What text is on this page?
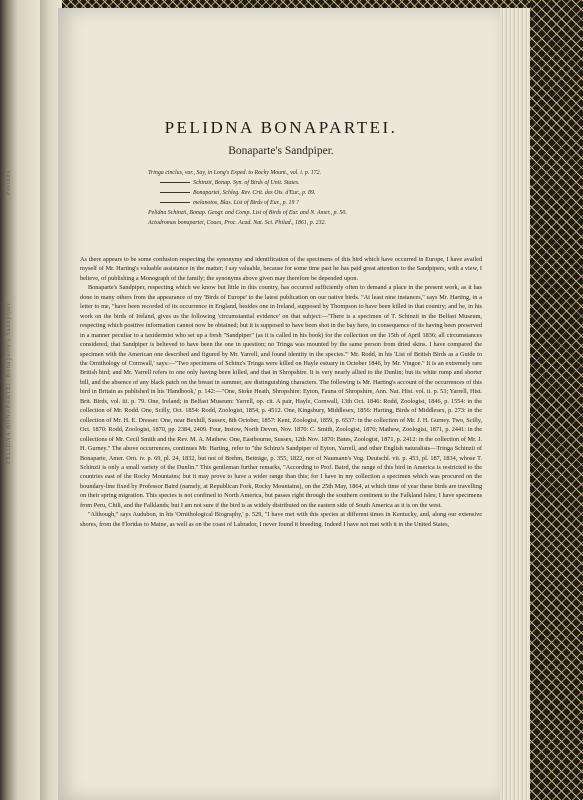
Pelidna
PELIDNA BONAPARTEI. Bonaparte's Sandpiper.
PELIDNA BONAPARTEI.
Bonaparte's Sandpiper.
Tringa cinclus, var., Say, in Long's Exped. to Rocky Mount., vol. i. p. 172.
Schinzii, Bonap. Syn. of Birds of Unit. States.
Bonapartei, Schleg. Rev. Crit. des Ois. d'Eur., p. 89.
melanotos, Blas. List of Birds of Eur., p. 19 ?
Pelidna Schinzii, Bonap. Geogr. and Comp. List of Birds of Eur. and N. Amer., p. 50.
Actodromas bonapartei, Coues, Proc. Acad. Nat. Sci. Philad., 1861, p. 232.

As there appears to be some confusion respecting the synonymy and identification of the specimens of this bird which have occurred in Europe, I have availed myself of Mr. Harting's valuable assistance in the matter; I say valuable, because for some time past he has paid great attention to the Sandpipers, with a view, I believe, of publishing a Monograph of the family; the synonyms above given may therefore be depended upon.

Bonaparte's Sandpiper, respecting which we know but little in this country, has occurred sufficiently often to demand a place in the present work, as it has done in many others from the appearance of my 'Birds of Europe' to the latest publication on our native birds. "At least nine instances," says Mr. Harting, in a letter to me, "have been recorded of its occurrence in England, besides one in Ireland, supposed by Thompson to have been killed in that country; and he, in his work on the birds of Ireland, gives us the following 'circumstantial evidence' on that subject:—'There is a specimen of T. Schinzii in the Belfast Museum, respecting which positive information cannot now be obtained; but it is supposed to have been shot in the bay here, in consequence of its having been preserved in a manner peculiar to a taxidermist who set up a fresh "Sandpiper" (as it is called in his book) for the collection on the 15th of April 1836; all circumstances considered, that Sandpiper is believed to have been the one in question; no Tringa was mounted by the same person from dried skins. I have compared the specimen with the American one described and figured by Mr. Yarrell, and found identity in the species.'" Mr. Rodd, in his 'List of British Birds as a Guide to the Ornithology of Cornwall,' says:—"Two specimens of Schinz's Tringa were killed on Hayle estuary in October 1846, by Mr. Vingoe." It is an extremely rare British bird; and Mr. Yarrell refers to one only having been killed, and that in Shropshire. It is very nearly allied to the Dunlin; but its white rump and shorter bill, and the absence of any black patch on the breast in summer, are distinguishing characters. The following is Mr. Harting's account of the occurrences of this bird in Britain as published in his 'Handbook,' p. 142:—"One, Stoke Heath, Shropshire: Eyton, Fauna of Shropshire, Ann. Nat. Hist. vol. ii. p. 53; Yarrell, Hist. Brit. Birds, vol. iii. p. 79. One, Ireland; in Belfast Museum: Yarrell, op. cit. A pair, Hayle, Cornwall, 13th Oct. 1846: Rodd, Zoologist, 1846, p. 1554: in the collection of Mr. Rodd. One, Scilly, Oct. 1854: Rodd, Zoologist, 1854, p. 4512. One, Kingsbury, Middlesex, 1856: Harting, Birds of Middlesex, p. 273: in the collection of Mr. H. E. Dresser. One, near Bexhill, Sussex, 8th October, 1857: Kent, Zoologist, 1859, p. 6537: in the collection of Mr. J. H. Gurney. Two, Scilly, Oct. 1870: Rodd, Zoologist, 1870, pp. 2384, 2409. Four, Instow, North Devon, Nov. 1870: C. Smith, Zoologist, 1870; Mathew, Zoologist, 1871, p. 2441: in the collections of Mr. Cecil Smith and the Rev. M. A. Mathew. One, Eastbourne, Sussex, 12th Nov. 1870: Bates, Zoologist, 1871, p. 2412: in the collection of Mr. J. H. Gurney." The above occurrences, continues Mr. Harting, refer to "the Schinz's Sandpiper of Eyton, Yarrell, and other English naturalists—Tringa Schinzii of Bonaparte, Amer. Orn. iv. p. 69, pl. 24, 1832, but not of Brehm, Beiträge, p. 355, 1822, nor of Naumann's Vog. Deutschl. vii. p. 453, pl. 187, 1834, whose T. Schinzii is only a small variety of the Dunlin." This gentleman further remarks, "According to Prof. Baird, the range of this bird in America is restricted to the countries east of the Rocky Mountains; but it may prove to have a wider range than this; for I have in my collection a specimen which was procured on the boundary-line fixed by Professor Baird (namely, at Republican Fork, Rocky Mountains), on the 25th May, 1864, at which time of year these birds are travelling on their spring migration. This species is not confined to North America, but passes right through the southern continent to the Falkland Isles; I have specimens from Peru, Chili, and the Falklands; but I am not sure if the bird is as widely distributed on the eastern side of South America as it is on the west.

"Although," says Audubon, in his 'Ornithological Biography,' p. 529, "I have met with this species at different times in Kentucky, and, along our extensive shores, from the Floridas to Maine, as well as on the coast of Labrador, I never found it breeding. Indeed I have not met with it in the United States,
